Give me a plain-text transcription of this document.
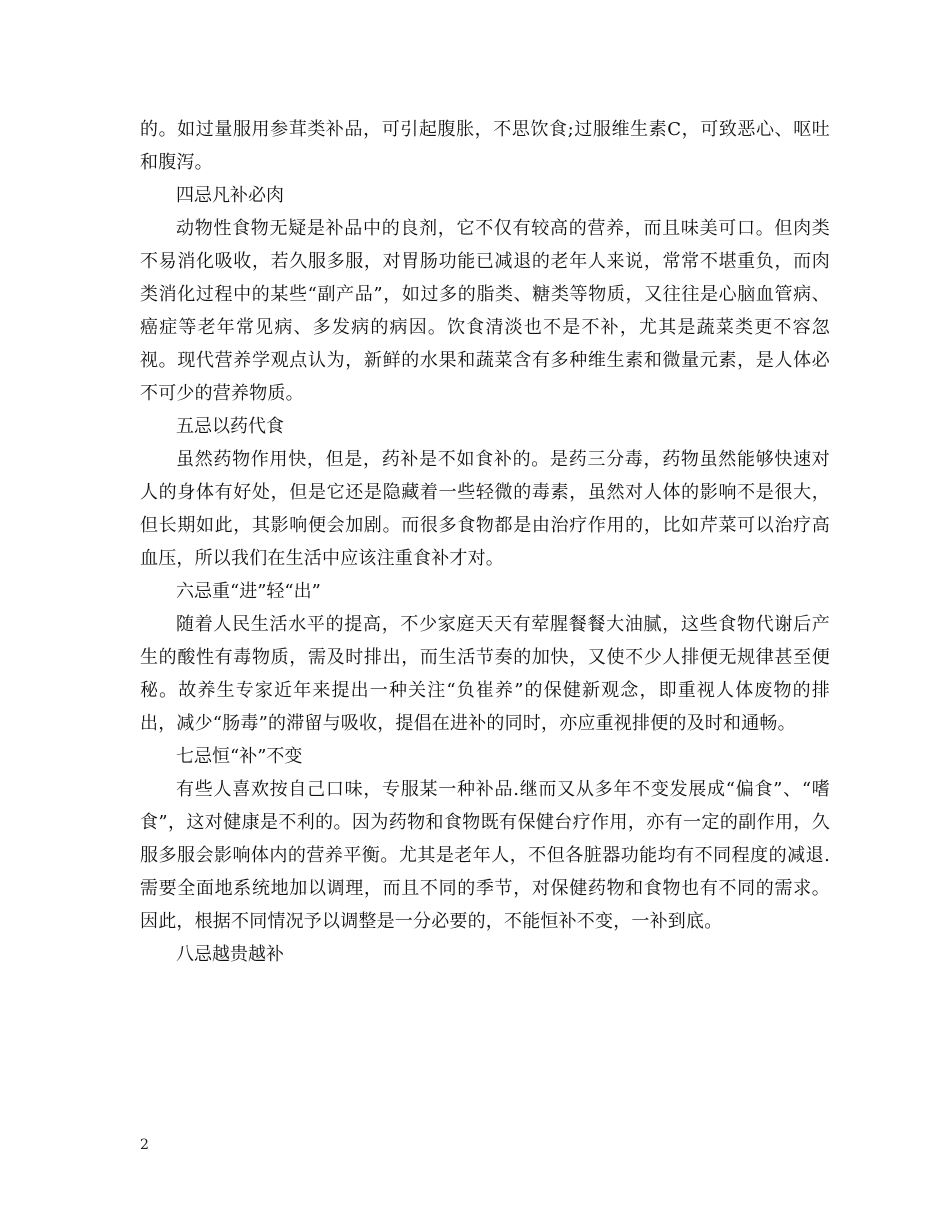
的。如过量服用参茸类补品，可引起腹胀，不思饮食;过服维生素C，可致恶心、呕吐和腹泻。

四忌凡补必肉

动物性食物无疑是补品中的良剂，它不仅有较高的营养，而且味美可口。但肉类不易消化吸收，若久服多服，对胃肠功能已减退的老年人来说，常常不堪重负，而肉类消化过程中的某些“副产品”，如过多的脂类、糖类等物质，又往往是心脑血管病、癌症等老年常见病、多发病的病因。饮食清淡也不是不补，尤其是蔬菜类更不容忽视。现代营养学观点认为，新鲜的水果和蔬菜含有多种维生素和微量元素，是人体必不可少的营养物质。

五忌以药代食

虽然药物作用快，但是，药补是不如食补的。是药三分毒，药物虽然能够快速对人的身体有好处，但是它还是隐藏着一些轻微的毒素，虽然对人体的影响不是很大，但长期如此，其影响便会加剧。而很多食物都是由治疗作用的，比如芹菜可以治疗高血压，所以我们在生活中应该注重食补才对。

六忌重“进”轻“出”

随着人民生活水平的提高，不少家庭天天有荤腥餐餐大油腻，这些食物代谢后产生的酸性有毒物质，需及时排出，而生活节奏的加快，又使不少人排便无规律甚至便秘。故养生专家近年来提出一种关注“负崔养”的保健新观念，即重视人体废物的排出，减少“肠毒”的滞留与吸收，提倡在进补的同时，亦应重视排便的及时和通畅。

七忌恒“补”不变

有些人喜欢按自己口味，专服某一种补品.继而又从多年不变发展成“偏食”、“嗜食”，这对健康是不利的。因为药物和食物既有保健台疗作用，亦有一定的副作用，久服多服会影响体内的营养平衡。尤其是老年人，不但各脏器功能均有不同程度的减退.需要全面地系统地加以调理，而且不同的季节，对保健药物和食物也有不同的需求。因此，根据不同情况予以调整是一分必要的，不能恒补不变，一补到底。

八忌越贵越补

2
